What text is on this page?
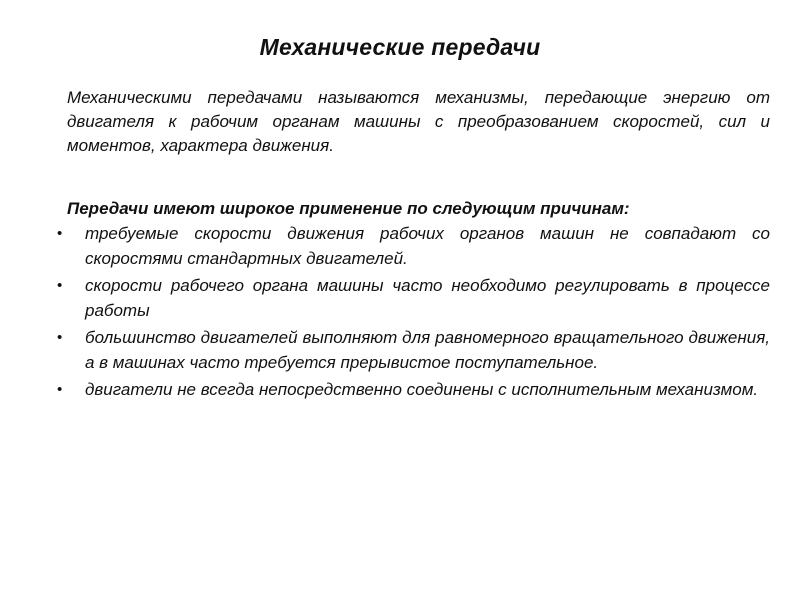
Механические передачи
Механическими передачами называются механизмы, передающие энергию от двигателя к рабочим органам машины с преобразованием скоростей, сил и моментов, характера движения.
Передачи имеют широкое применение по следующим причинам:
• требуемые скорости движения рабочих органов машин не совпадают со скоростями стандартных двигателей.
• скорости рабочего органа машины часто необходимо регулировать в процессе работы
• большинство двигателей выполняют для равномерного вращательного движения, а в машинах часто требуется прерывистое поступательное.
• двигатели не всегда непосредственно соединены с исполнительным механизмом.
